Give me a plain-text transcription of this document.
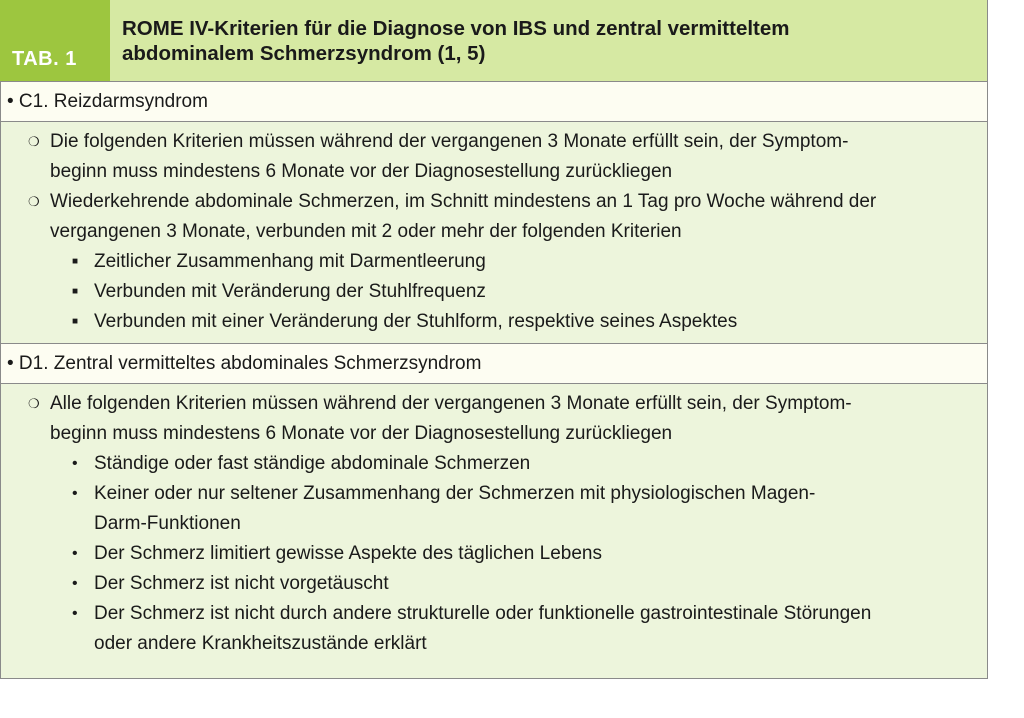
TAB. 1
ROME IV-Kriterien für die Diagnose von IBS und zentral vermitteltem
abdominalem Schmerzsyndrom (1, 5)
• C1. Reizdarmsyndrom
❍ Die folgenden Kriterien müssen während der vergangenen 3 Monate erfüllt sein, der Symptom-
beginn muss mindestens 6 Monate vor der Diagnosestellung zurückliegen
❍ Wiederkehrende abdominale Schmerzen, im Schnitt mindestens an 1 Tag pro Woche während der
vergangenen 3 Monate, verbunden mit 2 oder mehr der folgenden Kriterien
■ Zeitlicher Zusammenhang mit Darmentleerung
■ Verbunden mit Veränderung der Stuhlfrequenz
■ Verbunden mit einer Veränderung der Stuhlform, respektive seines Aspektes
• D1. Zentral vermitteltes abdominales Schmerzsyndrom
❍ Alle folgenden Kriterien müssen während der vergangenen 3 Monate erfüllt sein, der Symptom-
beginn muss mindestens 6 Monate vor der Diagnosestellung zurückliegen
• Ständige oder fast ständige abdominale Schmerzen
• Keiner oder nur seltener Zusammenhang der Schmerzen mit physiologischen Magen-
Darm-Funktionen
• Der Schmerz limitiert gewisse Aspekte des täglichen Lebens
• Der Schmerz ist nicht vorgetäuscht
• Der Schmerz ist nicht durch andere strukturelle oder funktionelle gastrointestinale Störungen
oder andere Krankheitszustände erklärt
